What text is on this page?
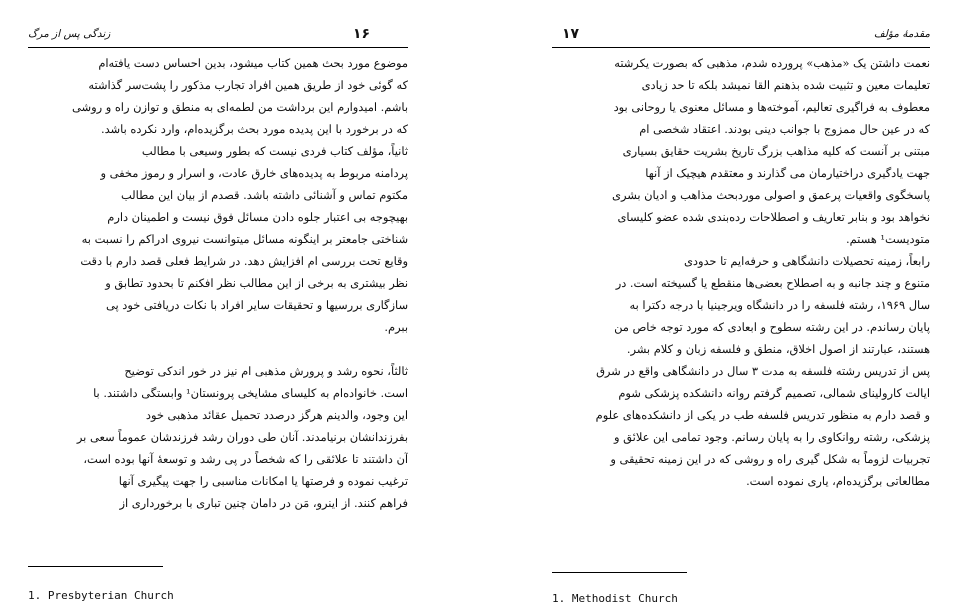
زندگی پس از مرگ	۱۶
موضوع مورد بحث همین کتاب میشود، بدین احساس دست یافته‌ام
که گوئی خود از طریق همین افراد تجارب مذکور را پشت‌سر گذاشته
باشم. امیدوارم این برداشت من لطمه‌ای به منطق و توازن راه و روشی
که در برخورد با این پدیده مورد بحث برگزیده‌ام، وارد نکرده باشد.
ثانیاً، مؤلف کتاب فردی نیست که بطور وسیعی با مطالب
پردامنه مربوط به پدیده‌های خارق عادت، و اسرار و رموز مخفی و
مکتوم تماس و آشنائی داشته باشد. قصدم از بیان این مطالب
بهیچوجه بی اعتبار جلوه دادن مسائل فوق نیست و اطمینان دارم
شناختی جامعتر بر اینگونه مسائل میتوانست نیروی ادراکم را نسبت به
وقایع تحت بررسی ام افزایش دهد. در شرایط فعلی قصد دارم با دقت
نظر بیشتری به برخی از این مطالب نظر افکنم تا بحدود تطابق و
سازگاری بررسیها و تحقیقات سایر افراد با نکات دریافتی خود پی
ببرم.
ثالثاً، نحوه رشد و پرورش مذهبی ام نیز در خور اندکی توضیح
است. خانواده‌ام به کلیسای مشایخی پرونستان¹ وابستگی داشتند. با
این وجود، والدینم هرگز درصدد تحمیل عقائد مذهبی خود
بفرزندانشان برنیامدند. آنان طی دوران رشد فرزندشان عموماً سعی بر
آن داشتند تا علائقی را که شخصاً در پی رشد و توسعهٔ آنها بوده است،
ترغیب نموده و فرصتها یا امکانات مناسبی را جهت پیگیری آنها
فراهم کنند. از اینرو، مَن در دامان چنین تباری با برخورداری از
1. Presbyterian Church
۱۷	مقدمهٔ مؤلف
نعمت داشتن یک «مذهب» پرورده شدم، مذهبی که بصورت یکرشته
تعلیمات معین و تثبیت شده بذهنم القا نمیشد بلکه تا حد زیادی
معطوف به فراگیری تعالیم، آموخته‌ها و مسائل معنوی یا روحانی بود
که در عین حال ممزوج با جوانب دینی بودند. اعتقاد شخصی ام
مبتنی بر آنست که کلیه مذاهب بزرگ تاریخ بشریت حقایق بسیاری
جهت یادگیری دراختیارمان می گذارند و معتقدم هیچیک از آنها
پاسخگوی واقعیات پرعمق و اصولی موردبحث مذاهب و ادیان بشری
نخواهد بود و بنابر تعاریف و اصطلاحات رده‌بندی شده عضو کلیسای
متودیست¹ هستم.
رابعاً، زمینه تحصیلات دانشگاهی و حرفه‌ایم تا حدودی
متنوع و چند جانبه و به اصطلاح بعضی‌ها منقطع یا گسیخته است. در
سال ۱۹۶۹، رشته فلسفه را در دانشگاه ویرجینیا با درجه دکترا به
پایان رساندم. در این رشته سطوح و ابعادی که مورد توجه خاص من
هستند، عبارتند از اصول اخلاق، منطق و فلسفه زبان و کلام بشر.
پس از تدریس رشته فلسفه به مدت ۳ سال در دانشگاهی واقع در شرق
ایالت کارولینای شمالی، تصمیم گرفتم روانه دانشکده پزشکی شوم
و قصد دارم به منظور تدریس فلسفه طب در یکی از دانشکده‌های علوم
پزشکی، رشته روانکاوی را به پایان رسانم. وجود تمامی این علائق و
تجربیات لزوماً به شکل گیری راه و روشی که در این زمینه تحقیقی و
مطالعاتی برگزیده‌ام، یاری نموده است.
1. Methodist Church
